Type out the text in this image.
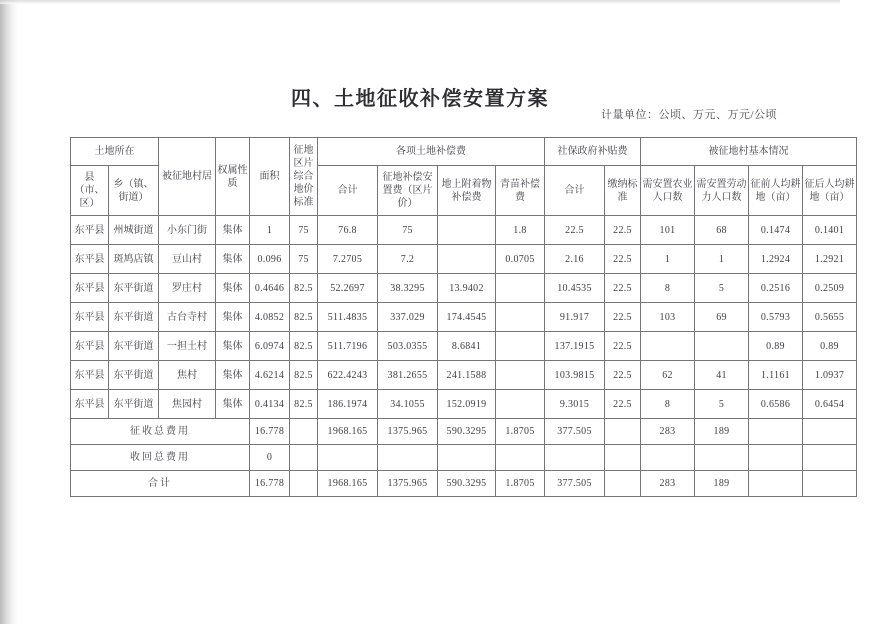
四、土地征收补偿安置方案
计量单位：公顷、万元、万元/公顷
土地所在		被征地村居	权属性质	面积	征地区片综合地价标准	各项土地补偿费				社保政府补贴费		被征地村基本情况			
县（市、区）	乡（镇、街道）					合计	征地补偿安置费（区片价）	地上附着物补偿费	青苗补偿费	合计	缴纳标准	需安置农业人口数	需安置劳动力人口数	征前人均耕地（亩）	征后人均耕地（亩）
东平县	州城街道	小东门街	集体	1	75	76.8	75		1.8	22.5	22.5	101	68	0.1474	0.1401
东平县	斑鸠店镇	豆山村	集体	0.096	75	7.2705	7.2		0.0705	2.16	22.5	1	1	1.2924	1.2921
东平县	东平街道	罗庄村	集体	0.4646	82.5	52.2697	38.3295	13.9402		10.4535	22.5	8	5	0.2516	0.2509
东平县	东平街道	古台寺村	集体	4.0852	82.5	511.4835	337.029	174.4545		91.917	22.5	103	69	0.5793	0.5655
东平县	东平街道	一担土村	集体	6.0974	82.5	511.7196	503.0355	8.6841		137.1915	22.5			0.89	0.89
东平县	东平街道	焦村	集体	4.6214	82.5	622.4243	381.2655	241.1588		103.9815	22.5	62	41	1.1161	1.0937
东平县	东平街道	焦园村	集体	0.4134	82.5	186.1974	34.1055	152.0919		9.3015	22.5	8	5	0.6586	0.6454
征收总费用				16.778		1968.165	1375.965	590.3295	1.8705	377.505		283	189		
收回总费用				0											
合计				16.778		1968.165	1375.965	590.3295	1.8705	377.505		283	189		
